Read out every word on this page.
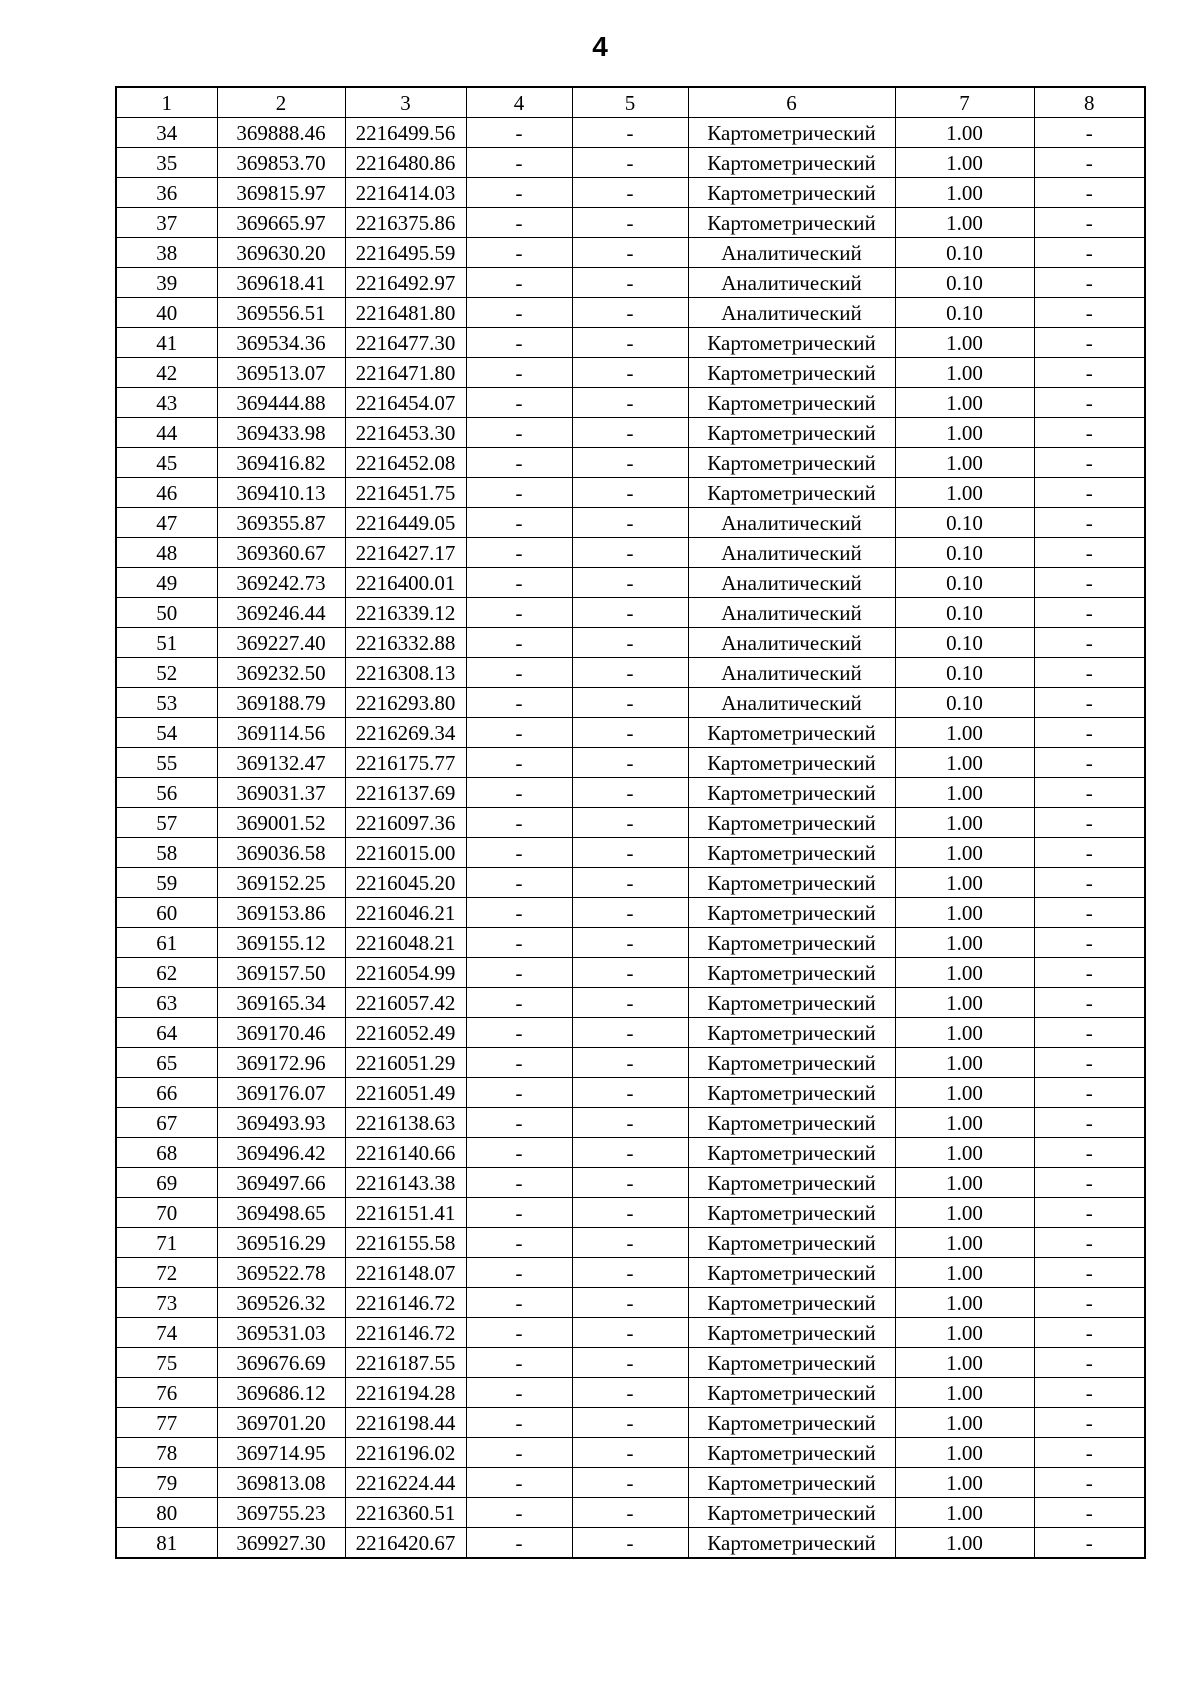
4
1	2	3	4	5	6	7	8
34	369888.46	2216499.56	-	-	Картометрический	1.00	-
35	369853.70	2216480.86	-	-	Картометрический	1.00	-
36	369815.97	2216414.03	-	-	Картометрический	1.00	-
37	369665.97	2216375.86	-	-	Картометрический	1.00	-
38	369630.20	2216495.59	-	-	Аналитический	0.10	-
39	369618.41	2216492.97	-	-	Аналитический	0.10	-
40	369556.51	2216481.80	-	-	Аналитический	0.10	-
41	369534.36	2216477.30	-	-	Картометрический	1.00	-
42	369513.07	2216471.80	-	-	Картометрический	1.00	-
43	369444.88	2216454.07	-	-	Картометрический	1.00	-
44	369433.98	2216453.30	-	-	Картометрический	1.00	-
45	369416.82	2216452.08	-	-	Картометрический	1.00	-
46	369410.13	2216451.75	-	-	Картометрический	1.00	-
47	369355.87	2216449.05	-	-	Аналитический	0.10	-
48	369360.67	2216427.17	-	-	Аналитический	0.10	-
49	369242.73	2216400.01	-	-	Аналитический	0.10	-
50	369246.44	2216339.12	-	-	Аналитический	0.10	-
51	369227.40	2216332.88	-	-	Аналитический	0.10	-
52	369232.50	2216308.13	-	-	Аналитический	0.10	-
53	369188.79	2216293.80	-	-	Аналитический	0.10	-
54	369114.56	2216269.34	-	-	Картометрический	1.00	-
55	369132.47	2216175.77	-	-	Картометрический	1.00	-
56	369031.37	2216137.69	-	-	Картометрический	1.00	-
57	369001.52	2216097.36	-	-	Картометрический	1.00	-
58	369036.58	2216015.00	-	-	Картометрический	1.00	-
59	369152.25	2216045.20	-	-	Картометрический	1.00	-
60	369153.86	2216046.21	-	-	Картометрический	1.00	-
61	369155.12	2216048.21	-	-	Картометрический	1.00	-
62	369157.50	2216054.99	-	-	Картометрический	1.00	-
63	369165.34	2216057.42	-	-	Картометрический	1.00	-
64	369170.46	2216052.49	-	-	Картометрический	1.00	-
65	369172.96	2216051.29	-	-	Картометрический	1.00	-
66	369176.07	2216051.49	-	-	Картометрический	1.00	-
67	369493.93	2216138.63	-	-	Картометрический	1.00	-
68	369496.42	2216140.66	-	-	Картометрический	1.00	-
69	369497.66	2216143.38	-	-	Картометрический	1.00	-
70	369498.65	2216151.41	-	-	Картометрический	1.00	-
71	369516.29	2216155.58	-	-	Картометрический	1.00	-
72	369522.78	2216148.07	-	-	Картометрический	1.00	-
73	369526.32	2216146.72	-	-	Картометрический	1.00	-
74	369531.03	2216146.72	-	-	Картометрический	1.00	-
75	369676.69	2216187.55	-	-	Картометрический	1.00	-
76	369686.12	2216194.28	-	-	Картометрический	1.00	-
77	369701.20	2216198.44	-	-	Картометрический	1.00	-
78	369714.95	2216196.02	-	-	Картометрический	1.00	-
79	369813.08	2216224.44	-	-	Картометрический	1.00	-
80	369755.23	2216360.51	-	-	Картометрический	1.00	-
81	369927.30	2216420.67	-	-	Картометрический	1.00	-
